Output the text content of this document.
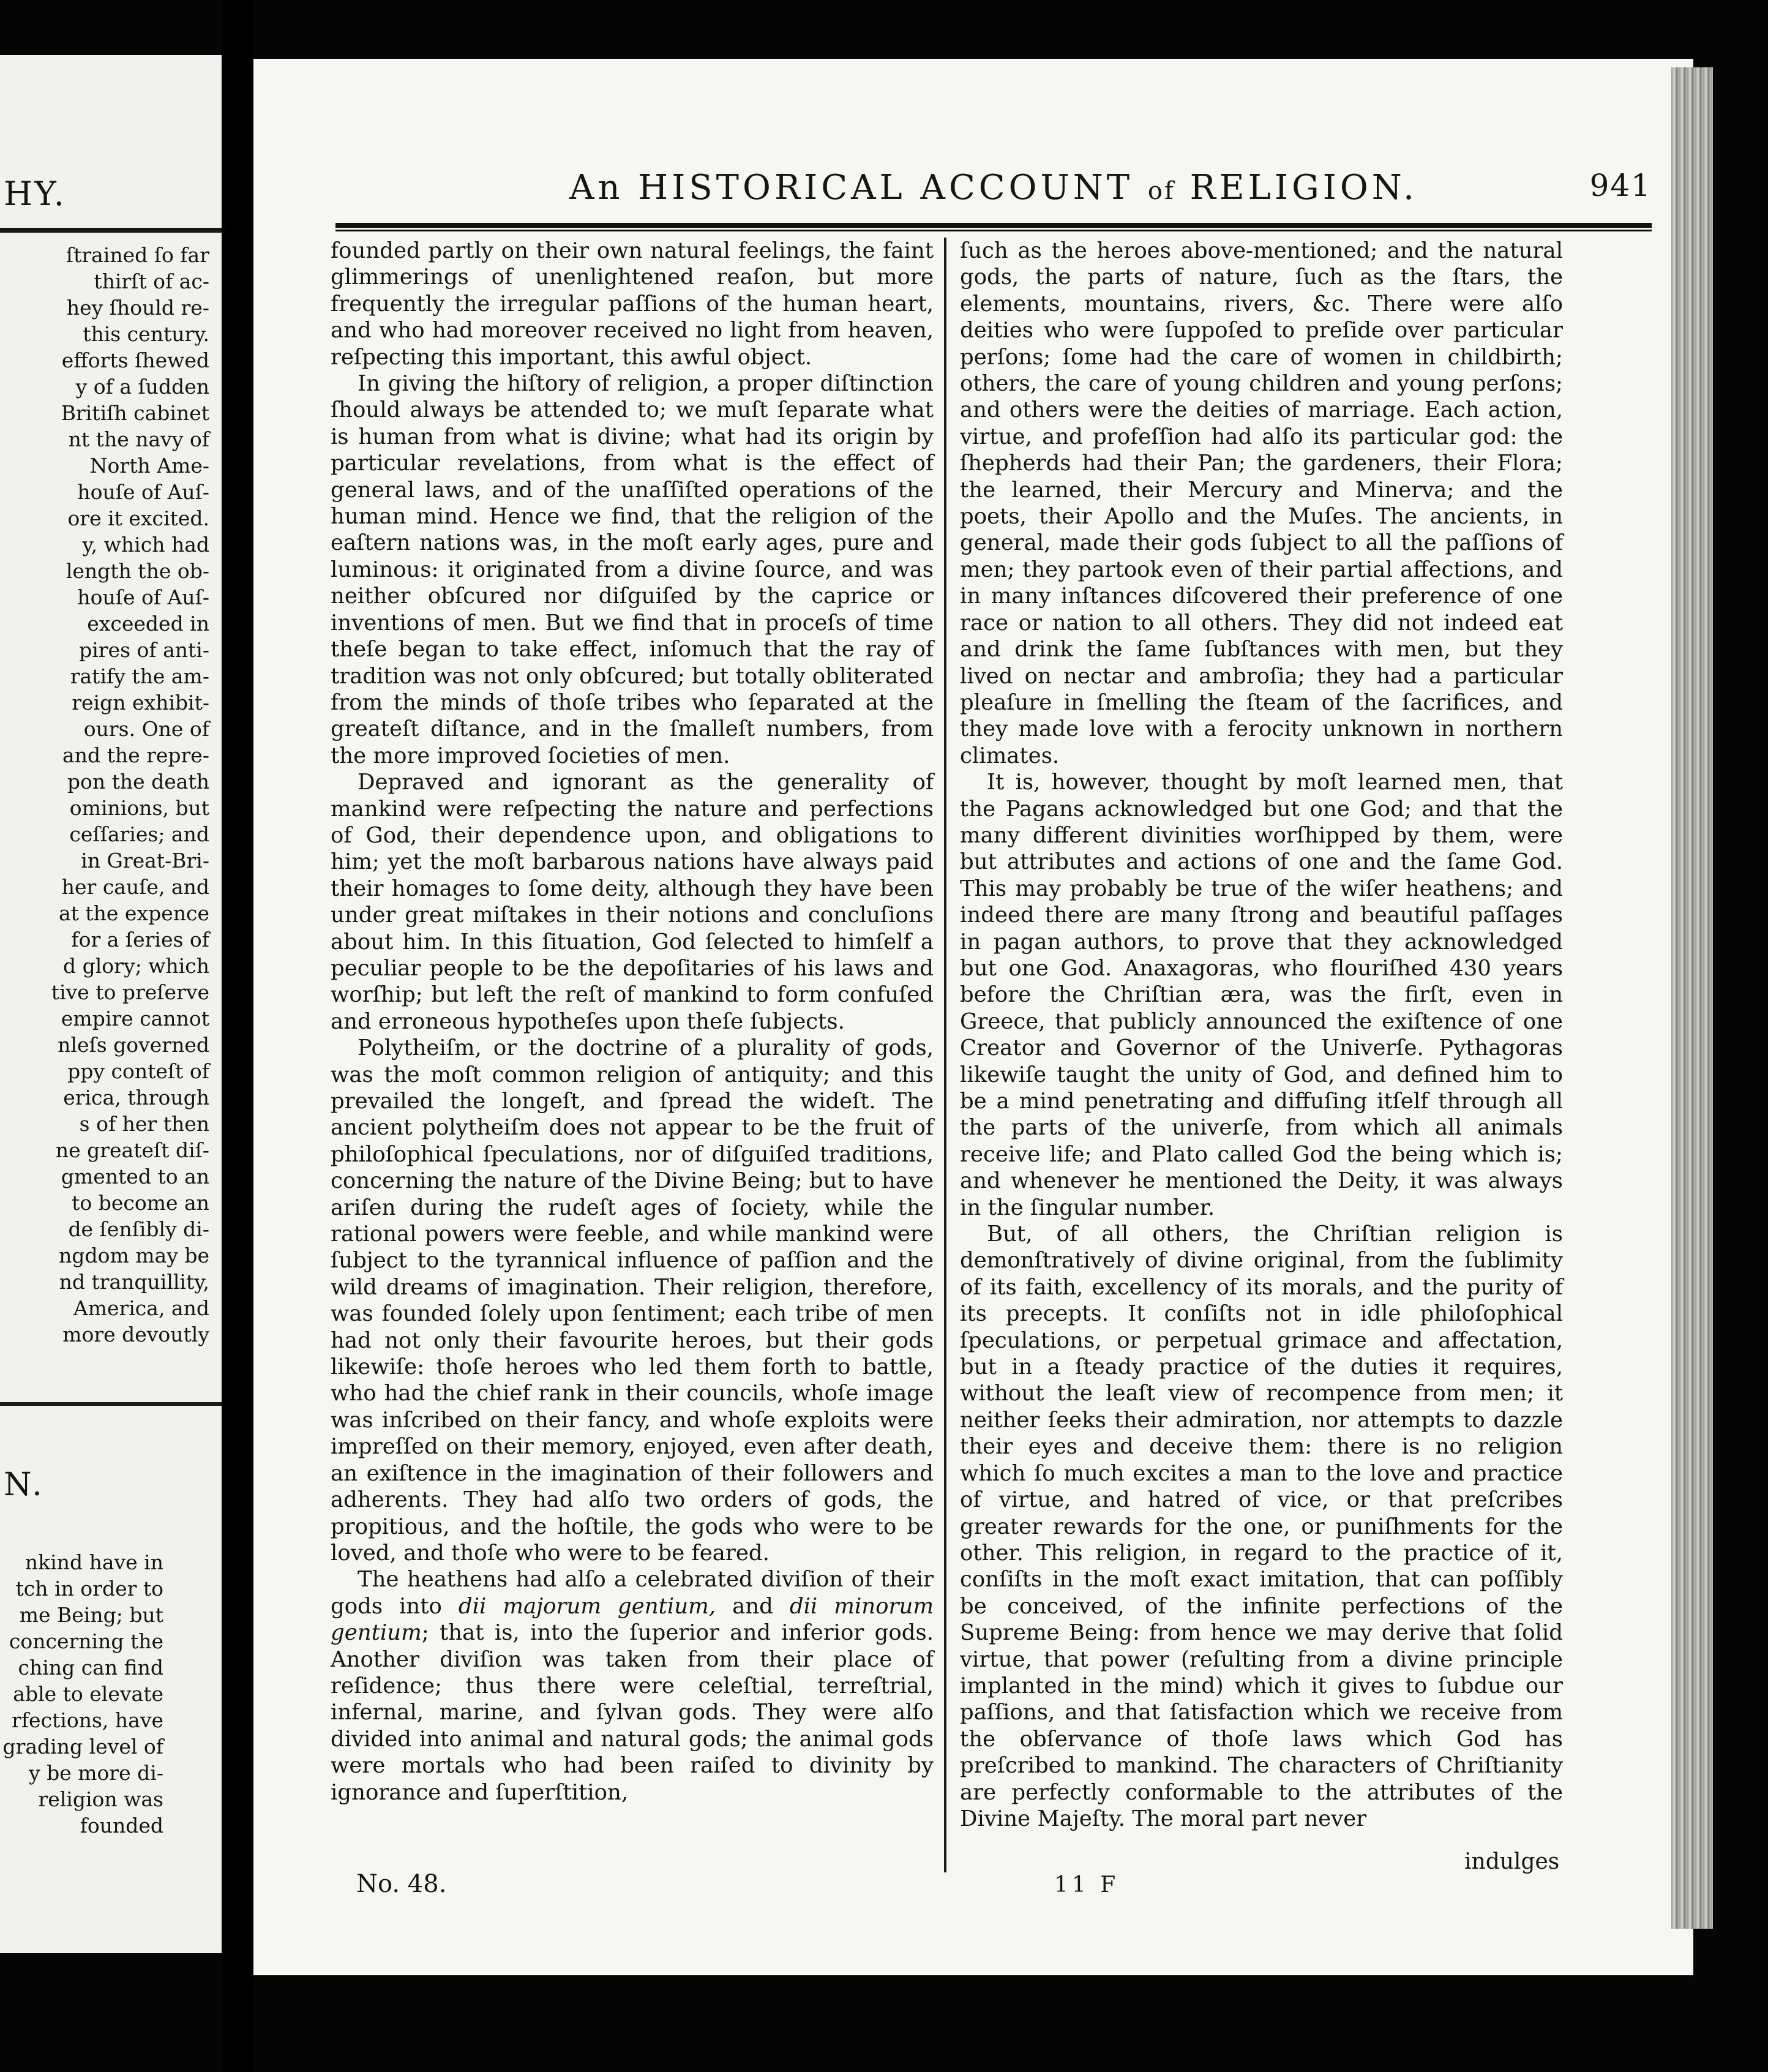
HY.
ſtrained ſo far
thirſt of ac-
hey ſhould re-
this century.
efforts ſhewed
y of a ſudden
Britiſh cabinet
nt the navy of
North Ame-
houſe of Auſ-
ore it excited.
y, which had
length the ob-
houſe of Auſ-
exceeded in
pires of anti-
ratify the am-
reign exhibit-
ours. One of
and the repre-
pon the death
ominions, but
ceſſaries; and
in Great-Bri-
her cauſe, and
at the expence
for a ſeries of
d glory; which
tive to preſerve
empire cannot
nleſs governed
ppy conteſt of
erica, through
s of her then
ne greateſt diſ-
gmented to an
to become an
de ſenſibly di-
ngdom may be
nd tranquillity,
America, and
more devoutly
N.
nkind have in
tch in order to
me Being; but
concerning the
ching can find
able to elevate
rfections, have
grading level of
y be more di-
religion was
founded
An HISTORICAL ACCOUNT of RELIGION.	941

founded partly on their own natural feelings, the faint glimmerings of unenlightened reaſon, but more frequently the irregular paſſions of the human heart, and who had moreover received no light from heaven, reſpecting this important, this awful object.

In giving the hiſtory of religion, a proper diſtinction ſhould always be attended to; we muſt ſeparate what is human from what is divine; what had its origin by particular revelations, from what is the effect of general laws, and of the unaſſiſted operations of the human mind. Hence we find, that the religion of the eaſtern nations was, in the moſt early ages, pure and luminous: it originated from a divine ſource, and was neither obſcured nor diſguiſed by the caprice or inventions of men. But we find that in proceſs of time theſe began to take effect, inſomuch that the ray of tradition was not only obſcured; but totally obliterated from the minds of thoſe tribes who ſeparated at the greateſt diſtance, and in the ſmalleſt numbers, from the more improved ſocieties of men.

Depraved and ignorant as the generality of mankind were reſpecting the nature and perfections of God, their dependence upon, and obligations to him; yet the moſt barbarous nations have always paid their homages to ſome deity, although they have been under great miſtakes in their notions and concluſions about him. In this ſituation, God ſelected to himſelf a peculiar people to be the depoſitaries of his laws and worſhip; but left the reſt of mankind to form confuſed and erroneous hypotheſes upon theſe ſubjects.

Polytheiſm, or the doctrine of a plurality of gods, was the moſt common religion of antiquity; and this prevailed the longeſt, and ſpread the wideſt. The ancient polytheiſm does not appear to be the fruit of philoſophical ſpeculations, nor of diſguiſed traditions, concerning the nature of the Divine Being; but to have ariſen during the rudeſt ages of ſociety, while the rational powers were feeble, and while mankind were ſubject to the tyrannical influence of paſſion and the wild dreams of imagination. Their religion, therefore, was founded ſolely upon ſentiment; each tribe of men had not only their favourite heroes, but their gods likewiſe: thoſe heroes who led them forth to battle, who had the chief rank in their councils, whoſe image was inſcribed on their fancy, and whoſe exploits were impreſſed on their memory, enjoyed, even after death, an exiſtence in the imagination of their followers and adherents. They had alſo two orders of gods, the propitious, and the hoſtile, the gods who were to be loved, and thoſe who were to be feared.

The heathens had alſo a celebrated diviſion of their gods into dii majorum gentium, and dii minorum gentium; that is, into the ſuperior and inferior gods. Another diviſion was taken from their place of reſidence; thus there were celeſtial, terreſtrial, infernal, marine, and ſylvan gods. They were alſo divided into animal and natural gods; the animal gods were mortals who had been raiſed to divinity by ignorance and ſuperſtition,

ſuch as the heroes above-mentioned; and the natural gods, the parts of nature, ſuch as the ſtars, the elements, mountains, rivers, &c. There were alſo deities who were ſuppoſed to preſide over particular perſons; ſome had the care of women in childbirth; others, the care of young children and young perſons; and others were the deities of marriage. Each action, virtue, and profeſſion had alſo its particular god: the ſhepherds had their Pan; the gardeners, their Flora; the learned, their Mercury and Minerva; and the poets, their Apollo and the Muſes. The ancients, in general, made their gods ſubject to all the paſſions of men; they partook even of their partial affections, and in many inſtances diſcovered their preference of one race or nation to all others. They did not indeed eat and drink the ſame ſubſtances with men, but they lived on nectar and ambroſia; they had a particular pleaſure in ſmelling the ſteam of the ſacrifices, and they made love with a ferocity unknown in northern climates.

It is, however, thought by moſt learned men, that the Pagans acknowledged but one God; and that the many different divinities worſhipped by them, were but attributes and actions of one and the ſame God. This may probably be true of the wiſer heathens; and indeed there are many ſtrong and beautiful paſſages in pagan authors, to prove that they acknowledged but one God. Anaxagoras, who flouriſhed 430 years before the Chriſtian æra, was the firſt, even in Greece, that publicly announced the exiſtence of one Creator and Governor of the Univerſe. Pythagoras likewiſe taught the unity of God, and defined him to be a mind penetrating and diffuſing itſelf through all the parts of the univerſe, from which all animals receive life; and Plato called God the being which is; and whenever he mentioned the Deity, it was always in the ſingular number.

But, of all others, the Chriſtian religion is demonſtratively of divine original, from the ſublimity of its faith, excellency of its morals, and the purity of its precepts. It conſiſts not in idle philoſophical ſpeculations, or perpetual grimace and affectation, but in a ſteady practice of the duties it requires, without the leaſt view of recompence from men; it neither ſeeks their admiration, nor attempts to dazzle their eyes and deceive them: there is no religion which ſo much excites a man to the love and practice of virtue, and hatred of vice, or that preſcribes greater rewards for the one, or puniſhments for the other. This religion, in regard to the practice of it, conſiſts in the moſt exact imitation, that can poſſibly be conceived, of the infinite perfections of the Supreme Being: from hence we may derive that ſolid virtue, that power (reſulting from a divine principle implanted in the mind) which it gives to ſubdue our paſſions, and that ſatisfaction which we receive from the obſervance of thoſe laws which God has preſcribed to mankind. The characters of Chriſtianity are perfectly conformable to the attributes of the Divine Majeſty. The moral part never

No. 48.	11 F
indulges
